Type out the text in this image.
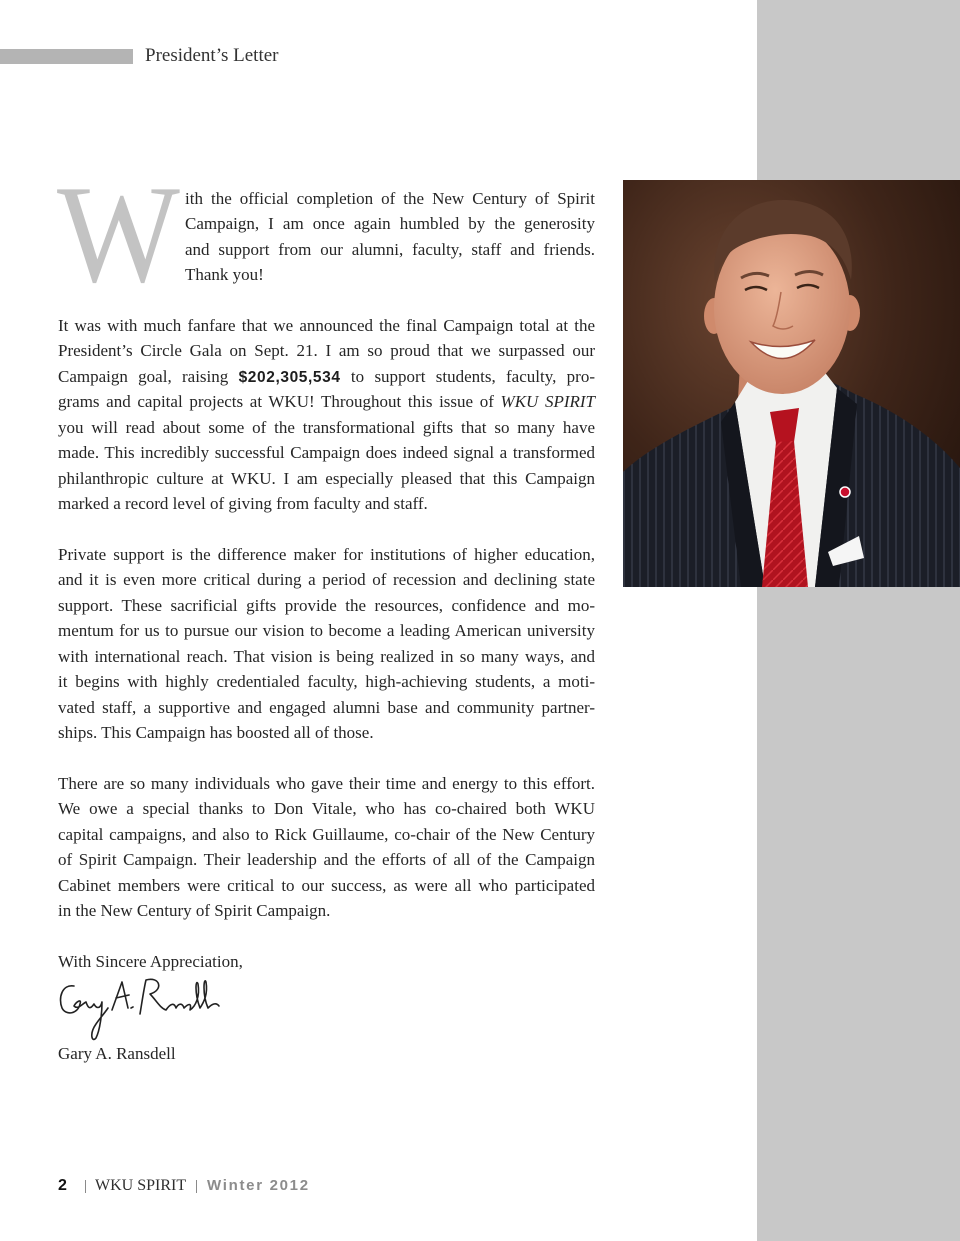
President’s Letter
W ith the official completion of the New Century of Spirit
Campaign, I am once again humbled by the generosity
and support from our alumni, faculty, staff and friends.
Thank you!
It was with much fanfare that we announced the final Campaign total at the
President’s Circle Gala on Sept. 21. I am so proud that we surpassed our
Campaign goal, raising $202,305,534 to support students, faculty, pro-
grams and capital projects at WKU! Throughout this issue of WKU SPIRIT
you will read about some of the transformational gifts that so many have
made. This incredibly successful Campaign does indeed signal a transformed
philanthropic culture at WKU. I am especially pleased that this Campaign
marked a record level of giving from faculty and staff.
Private support is the difference maker for institutions of higher education,
and it is even more critical during a period of recession and declining state
support. These sacrificial gifts provide the resources, confidence and mo-
mentum for us to pursue our vision to become a leading American university
with international reach. That vision is being realized in so many ways, and
it begins with highly credentialed faculty, high-achieving students, a moti-
vated staff, a supportive and engaged alumni base and community partner-
ships. This Campaign has boosted all of those.
There are so many individuals who gave their time and energy to this effort.
We owe a special thanks to Don Vitale, who has co-chaired both WKU
capital campaigns, and also to Rick Guillaume, co-chair of the New Century
of Spirit Campaign. Their leadership and the efforts of all of the Campaign
Cabinet members were critical to our success, as were all who participated
in the New Century of Spirit Campaign.
With Sincere Appreciation,
Gary A. Ransdell
2 | WKU SPIRIT | Winter 2012
